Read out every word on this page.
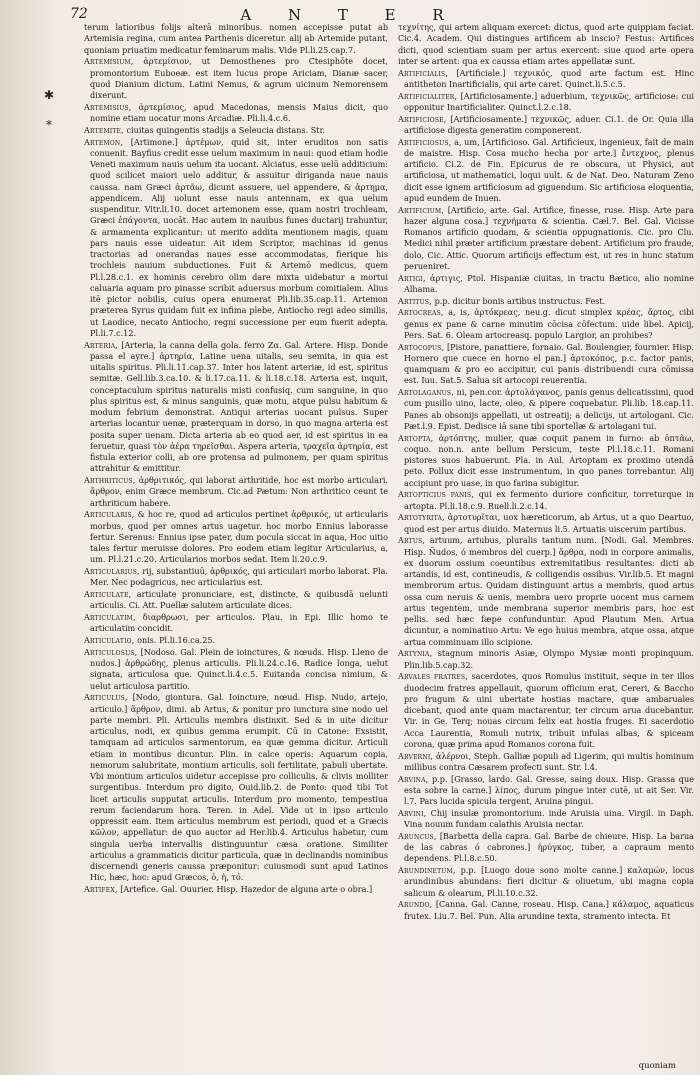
72	A N T E R

terum latioribus folijs alterā minoribus. nomen accepisse putat ab Artemisia regina, cum antea Parthenis diceretur. alij ab Artemide putant, quoniam priuatim medicatur feminarum malis. Vide Pl.li.25.cap.7.

Artemisium, ἀρτεμίσιον, ut Demosthenes pro Ctesiphōte docet, promontorium Euboeæ. est item lucus prope Ariciam, Dianæ sacer, quod Dianium dictum. Latini Nemus, & agrum uicinum Nemorensem dixerunt.

Artemisius, ἀρτεμίσιος, apud Macedonas, mensis Maius dicit, quo nomine etiam uocatur mons Arcadiæ. Pli.li.4.c.6.

Artemite, ciuitas quingentis stadijs a Seleucia distans. Str.

Artemon, [Artimone.] ἀρτέμων, quid sit, inter eruditos non satis conuenit. Bayfius credit esse uelum maximum in naui: quod etiam hodie Veneti maximum nauis uelum ita uocant. Alciatus, esse uelū additicium: quod scilicet maiori uelo additur, & assuitur diriganda naue nauis caussa. nam Græci ἀρτᾶω, dicunt assuere, uel appendere, & ἀρτημα, appendicem. Alij uolunt esse nauis antennam, ex qua uelum suspenditur. Vitr.li.10. docet artemonem esse, quam nostri trochleam, Græci ἐπάγοντα, uocāt. Hac autem in nauibus funes ductarij trahuntur, & armamenta explicantur: ut merito addita mentionem magis, quam pars nauis esse uideatur. Ait idem Scriptor, machinas id genus tractorias ad onerandas naues esse accommodatas, fierique his trochleis nauium subductiones. Fuit & Artemō medicus, quem Pl.l.28.c.1. ex hominis cerebro olim dare mixta uidebatur a mortui caluaria aquam pro pinasse scribit aduersus morbum comitialem. Alius itē pictor nobilis, cuius opera enumerat Pli.lib.35.cap.11. Artemon præterea Syrus quidam fuit ex infima plebe, Antiocho regi adeo similis, ut Laodice, necato Antiocho, regni successione per eum fuerit adepta. Pl.li.7.c.12.

Arteria, [Arteria, la canna della gola. ferro Ζα. Gal. Artere. Hisp. Donde passa el ayre.] ἀρτηρία, Latine uena uitalis, seu semita, in qua est uitalis spiritus. Pli.li.11.cap.37. Inter hos latent arteriæ, id est, spiritus semitæ. Gell.lib.3.ca.10. & li.17.ca.11. & li.18.c.18. Arteria est, inquit, conceptaculum spiritus naturalis misti confusiq. cum sanguine, in quo plus spiritus est, & minus sanguinis, quæ motu, atque pulsu habitum & modum febrium demonstrat. Antiqui arterias uocant pulsus. Super arterias locantur uenæ, præterquam in dorso, in quo magna arteria est posita super uenam. Dicta arteria ab eo quod aer, id est spiritus in ea feruetur, quasi τὸν ἀέρα τηρεῖσθαι. Aspera arteria, τραχεῖα ἀρτηρία, est fistula exterior colli, ab ore protensa ad pulmonem, per quam spiritus attrahitur & emittitur.

Arthriticus, ἀρθριτικός, qui laborat arthritide, hoc est morbo articulari. ἄρθρον, enim Græce membrum. Cic.ad Pætum: Non arthritico ceunt te arthriticum habere.

Articularis, & hoc re, quod ad articulos pertinet ἀρθρικός, ut articularis morbus, quod per omnes artus uagetur. hoc morbo Ennius laborasse fertur. Serenus: Ennius ipse pater, dum pocula siccat in aqua, Hoc uitio tales fertur meruisse dolores. Pro eodem etiam legitur Articularius, a, um. Pl.l.21.c.20. Articularios morbos sedat. Item li.20.c.9.

Articularius, rij, substantiuū, ἀρθρικός, qui articulari morbo laborat. Pla. Mer. Nec podagricus, nec articularius est.

Articulate, articulate pronunciare, est, distincte, & quibusdā uelunti articulis. Ci. Att. Puellæ salutem articulate dices.

Articulatim, διαρθρωσι, per articulos. Plau. in Epi. Illic homo te articulatim concidit.

Articulatio, onis. Pl.li.16.ca.25.

Articulosus, [Nodoso. Gal. Plein de ioinctures, & nœuds. Hisp. Lleno de nudos.] ἀρθρώδης, plenus articulis. Pli.li.24.c.16. Radice longa, uelut signata, articulosa que. Quinct.li.4.c.5. Euitanda concisa nimium, & uelut articulosa partitio.

Articulus, [Nodo, giontura. Gal. Ioincture, nœud. Hisp. Nudo, artejo, articulo.] ἄρθρον, dimi. ab Artus, & ponitur pro iunctura sine nodo uel parte membri. Pli. Articulis membra distinxit. Sed & in uite dicitur articulus, nodi, ex quibus gemma erumpit. Cū in Catone: Exsistit, tamquam ad articulos sarmentorum, ea quæ gemma dicitur. Articuli etiam in montibus dicuntur. Plin. in calce operis: Aquarum copia, nemorum salubritate, montium articulis, soli fertilitate, pabuli ubertate. Vbi montium articulos uidetur accepisse pro colliculis, & clivis molliter surgentibus. Interdum pro digito, Ouid.lib.2. de Ponto: quod tibi Tot licet articulis supputat articulis. Interdum pro momento, tempestiua rerum faciendarum hora. Teren. in Adel. Vide ut in ipso articulo oppressit eam. Item articulus membrum est periodi, quod et a Græcis κῶλον, appellatur: de quo auctor ad Her.lib.4. Articulus habetur, cum singula uerba intervallis distinguuntur cæsa oratione. Similiter articulus a grammaticis dicitur particula, quæ in declinandis nominibus discernendi generis caussa præponitur: cuiusmodi sunt apud Latinos Hic, hæc, hoc: apud Græcos, ὁ, ἡ, τό.

Artifex, [Artefice. Gal. Ouurier. Hisp. Hazedor de alguna arte o obra.]

τεχνίτης, qui artem aliquam exercet: dictus, quod arte quippiam faciat. Cic.4. Academ. Qui distingues artificem ab inscio? Festus: Artifices dicti, quod scientiam suam per artus exercent: siue quod arte opera inter se artent: qua ex caussa etiam artes appellatæ sunt.

Artificialis, [Artificiale.] τεχνικός, quod arte factum est. Hinc antitheton Inartificialis, qui arte caret. Quinct.li.5.c.5.

Artificialiter, [Artificiosamente.] aduerbium, τεχνικῶς, artificiose: cui opponitur Inartificialiter. Quinct.l.2.c.18.

Artificiose, [Artificiosamente.] τεχνικῶς, aduer. Ci.1. de Or. Quia illa artificiose digesta generatim componerent.

Artificiosus, a, um, [Artificioso. Gal. Artificieux, ingenieux, fait de main de maistre. Hisp. Cosa mucho hecha por arte.] ἔντεχνος, plenus artificio. Ci.2. de Fin. Epicurus de re obscura, ut Physici, aut artificiosa, ut mathematici, loqui uult. & de Nat. Deo. Naturam Zeno dicit esse ignem artificiosum ad giguendum. Sic artificiosa eloquentia, apud eundem de Inuen.

Artificium, [Artificio, arte. Gal. Artifice, finesse, ruse. Hisp. Arte para hazer alguna cosa.] τεχνήματα & scientia. Cæl.7. Bel. Gal. Vicisse Romanos artificio quodam, & scientia oppugnationis. Cic. pro Clu. Medici nihil præter artificium præstare debent. Artificium pro fraude, dolo, Cic. Attic. Quorum artificijs effectum est, ut res in hunc statum perueniret.

Artigi, ἀρτιγις, Ptol. Hispaniæ ciuitas, in tractu Bætico, alio nomine Alhama.

Artitus, p.p. dicitur bonis artibus instructus. Fest.

Artocreas, a, is, ἀρτόκρεας, neu.g. dicut simplex κρέας, ἄρτος, cibi genus ex pane & carne minutim cōcisa cōfectum. uide libel. Apicij, Pers. Sat. 6. Oleam artocreasq. populo Largior, an prohibes?

Artocopus, [Pistore, panattiere, fornaio. Gal. Boulengier, fournier. Hisp. Hornero que cuece en horno el pan.] ἀρτοκόπος, p.c. factor panis, quamquam & pro eo accipitur, cui panis distribuendi cura cōmissa est. Iuu. Sat.5. Salua sit artocopi reuerentia.

Artolaganus, ni, pen.cor. ἀρτολάγανος, panis genus delicatissimi, quod cum pusillo uino, lacte, oleo, & pipere coquebatur. Pli.lib. 18.cap.11. Panes ab obsonijs appellati, ut ostreatij; a delicijs, ut artologani. Cic. Pæt.l.9. Epist. Dedisce iā sane tibi sportellæ & artolagani tui.

Artopta, ἀρτόπτης, mulier, quæ coquit panem in furno: ab ὀπτᾶω, coquo. non.n. ante bellum Persicum, teste Pl.l.18.c.11. Romani pistores suos habuerunt. Pla. in Aul. Artoptam ex proximo utendā peto. Pollux dicit esse instrumentum, in quo panes torrebantur. Alij accipiunt pro uase, in quo farina subigitur.

Artopticius panis, qui ex fermento duriore conficitur, torreturque in artopta. Pl.li.18.c.9. Ruell.li.2.c.14.

Artotyrita, ἀρτοτυρῖται, uox hæreticorum, ab Artus, ut a quo Deartuo, quod est per artus diuido. Maternus li.5. Artuatis uiscerum partibus.

Artus, artuum, artubus, pluralis tantum num. [Nodi. Gal. Membres. Hisp. Ñudos, ó membros del cuerp.] ἄρθρα, nodi in corpore animalis, ex duorum ossium coeuntibus extremitatibus resultantes: dicti ab artandis, id est, contineudis, & colligendis ossibus. Vir.lib.5. Et magni membrorum artus. Quidam distinguunt artus a membris, quod artus ossa cum neruis & uenis, membra uero proprie uocent mus carnem artus tegentem, unde membrana superior membris pars, hoc est pellis. sed hæc fæpe confunduntur. Apud Plautum Men. Artua dicuntur, a nominatiuo Artu: Ve ego huius membra, atque ossa, atque artua comminuam illo scipione.

Artynia, stagnum minoris Asiæ, Olympo Mysiæ monti propinquum. Plin.lib.5.cap.32.

Arvales fratres, sacerdotes, quos Romulus instituit, seque in ter illos duodecim fratres appellauit, quorum officium erat, Cereri, & Baccho pro frugum & uini ubertate hostias mactare, quæ ambaruales dicebant, quod ante quam mactarentur, ter circum arua ducebantur. Vir. in Ge. Terq; nouas circum felix eat hostia fruges. Ei sacerdotio Acca Laurentia, Romuli nutrix, tribuit infulas albas, & spiceam corona, quæ prima apud Romanos corona fuit.

Arverni, ἀλέρνοι, Steph. Galliæ populi ad Ligerim, qui multis hominum millibus contra Cæsarem profecti sunt. Str. l.4.

Arvina, p.p. [Grasso, lardo. Gal. Gresse, saing doux. Hisp. Grassa que esta sobre la carne.] λίπος, durum pingue inter cutē, ut ait Ser. Vir. l.7. Pars lucida spicula tergent, Aruina pingui.

Arvini, Chij insulæ promontorium. inde Aruisia uina. Virgil. in Daph. Vina nouum fundam calathis Aruisia nectar.

Aruncus, [Barbetta della capra. Gal. Barbe de chieure. Hisp. La barua de las cabras ó cabrones.] ἠρύγκος, tuber, a capraum mento dependens. Pl.l.8.c.50.

Arundinetum, p.p. [Luogo doue sono molte canne.] καλαμών, locus arundinibus abundans: fieri dicitur & oliuetum, ubi magna copia salicum & olearum, Pl.li.10.c.32.

Arundo, [Canna. Gal. Canne, roseau. Hisp. Cana.] κάλαμος, aquaticus frutex. Liu.7. Bel. Pun. Alia arundine texta, stramento intecta. Et

✱
⁎
quoniam
